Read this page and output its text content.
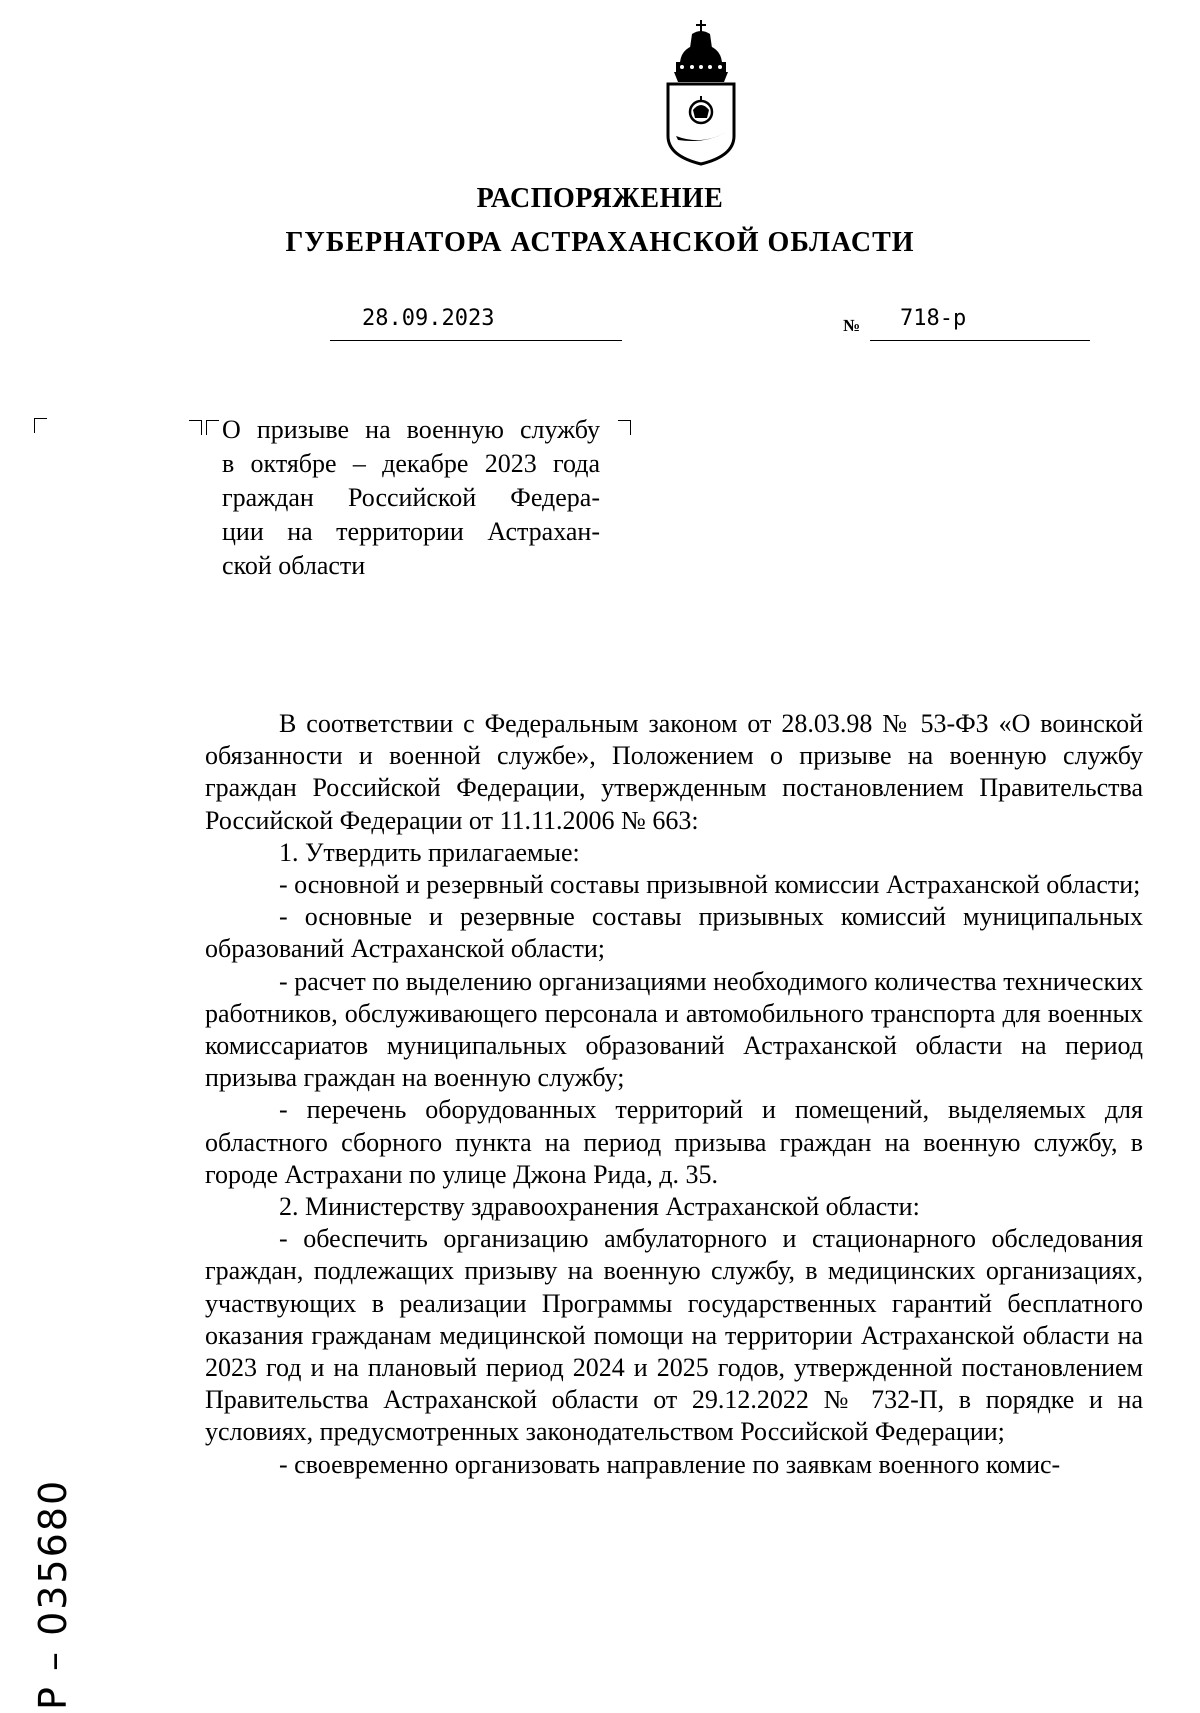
РАСПОРЯЖЕНИЕ
ГУБЕРНАТОРА АСТРАХАНСКОЙ ОБЛАСТИ
28.09.2023	№ 718-р
О призыве на военную службу
в октябре – декабре 2023 года
граждан Российской Федера-
ции на территории Астрахан-
ской области

В соответствии с Федеральным законом от 28.03.98 № 53-ФЗ «О воинской обязанности и военной службе», Положением о призыве на военную службу граждан Российской Федерации, утвержденным постановлением Правительства Российской Федерации от 11.11.2006 № 663:

1. Утвердить прилагаемые:

- основной и резервный составы призывной комиссии Астраханской области;

- основные и резервные составы призывных комиссий муниципальных образований Астраханской области;

- расчет по выделению организациями необходимого количества технических работников, обслуживающего персонала и автомобильного транспорта для военных комиссариатов муниципальных образований Астраханской области на период призыва граждан на военную службу;

- перечень оборудованных территорий и помещений, выделяемых для областного сборного пункта на период призыва граждан на военную службу, в городе Астрахани по улице Джона Рида, д. 35.

2. Министерству здравоохранения Астраханской области:

- обеспечить организацию амбулаторного и стационарного обследования граждан, подлежащих призыву на военную службу, в медицинских организациях, участвующих в реализации Программы государственных гарантий бесплатного оказания гражданам медицинской помощи на территории Астраханской области на 2023 год и на плановый период 2024 и 2025 годов, утвержденной постановлением Правительства Астраханской области от 29.12.2022 № 732-П, в порядке и на условиях, предусмотренных законодательством Российской Федерации;

- своевременно организовать направление по заявкам военного комис-

Р – 035680
